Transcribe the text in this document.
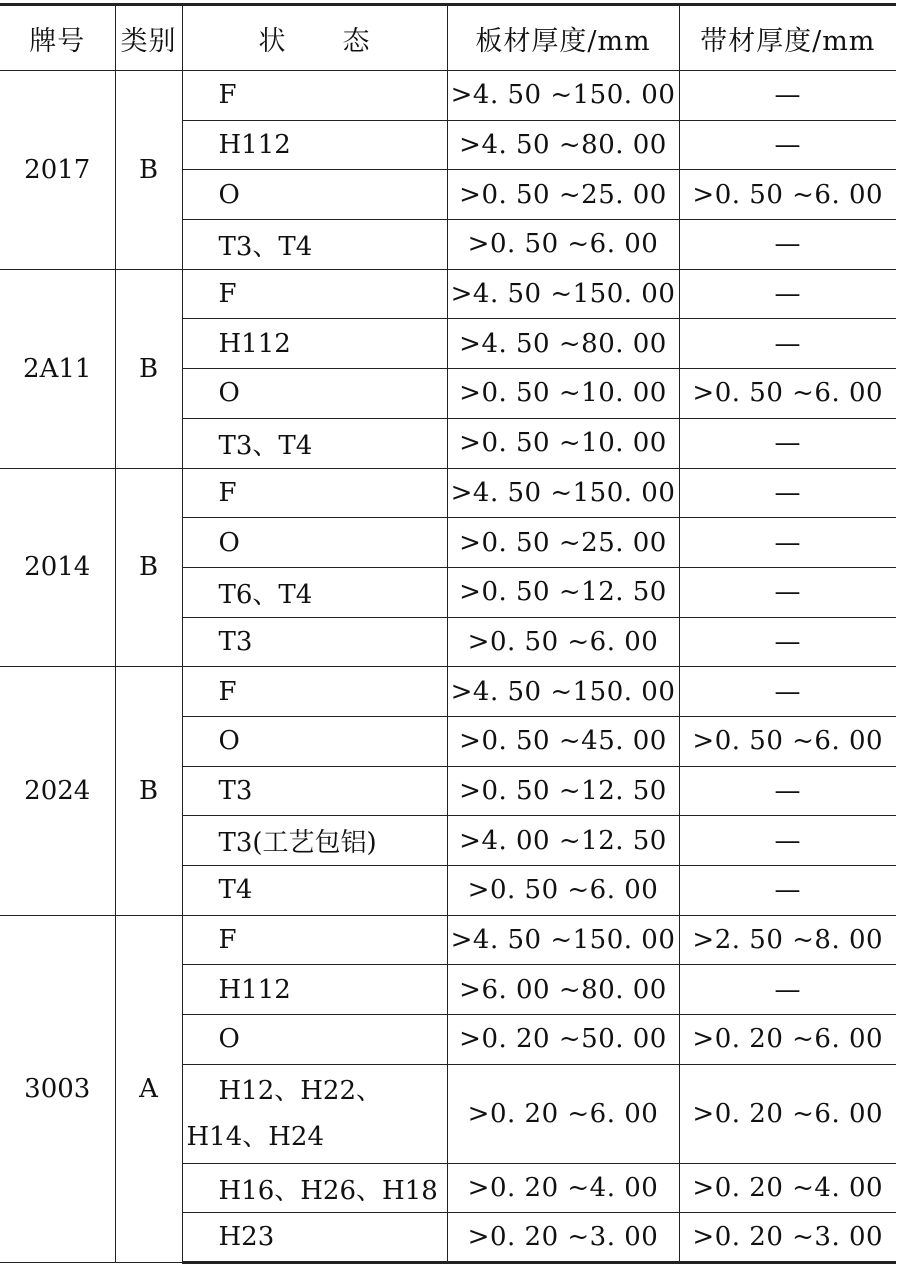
牌号	类别	状　　态	板材厚度/mm	带材厚度/mm
2017	B	F	>4. 50 ~150. 00	—
		H112	>4. 50 ~80. 00	—
		O	>0. 50 ~25. 00	>0. 50 ~6. 00
		T3、T4	>0. 50 ~6. 00	—
2A11	B	F	>4. 50 ~150. 00	—
		H112	>4. 50 ~80. 00	—
		O	>0. 50 ~10. 00	>0. 50 ~6. 00
		T3、T4	>0. 50 ~10. 00	—
2014	B	F	>4. 50 ~150. 00	—
		O	>0. 50 ~25. 00	—
		T6、T4	>0. 50 ~12. 50	—
		T3	>0. 50 ~6. 00	—
2024	B	F	>4. 50 ~150. 00	—
		O	>0. 50 ~45. 00	>0. 50 ~6. 00
		T3	>0. 50 ~12. 50	—
		T3(工艺包铝)	>4. 00 ~12. 50	—
		T4	>0. 50 ~6. 00	—
3003	A	F	>4. 50 ~150. 00	>2. 50 ~8. 00
		H112	>6. 00 ~80. 00	—
		O	>0. 20 ~50. 00	>0. 20 ~6. 00
		H12、H22、H14、H24	>0. 20 ~6. 00	>0. 20 ~6. 00
		H16、H26、H18	>0. 20 ~4. 00	>0. 20 ~4. 00
		H23	>0. 20 ~3. 00	>0. 20 ~3. 00
